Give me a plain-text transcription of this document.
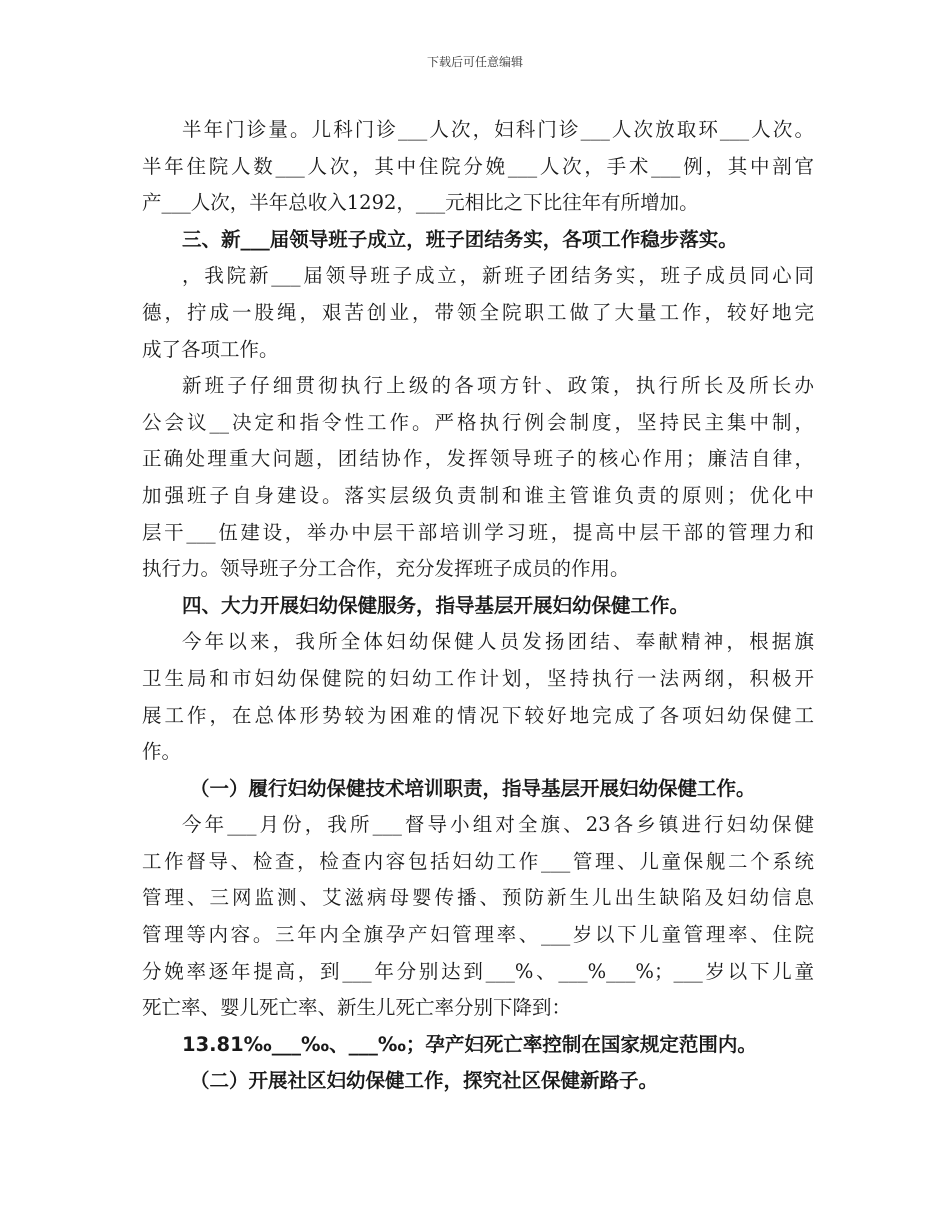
下载后可任意编辑
半年门诊量。儿科门诊___人次，妇科门诊___人次放取环___人次。
半年住院人数___人次，其中住院分娩___人次，手术___例，其中剖官
产___人次，半年总收入1292，___元相比之下比往年有所增加。
三、新___届领导班子成立，班子团结务实，各项工作稳步落实。
，我院新___届领导班子成立，新班子团结务实，班子成员同心同
德，拧成一股绳，艰苦创业，带领全院职工做了大量工作，较好地完
成了各项工作。
新班子仔细贯彻执行上级的各项方针、政策，执行所长及所长办
公会议__决定和指令性工作。严格执行例会制度，坚持民主集中制，
正确处理重大问题，团结协作，发挥领导班子的核心作用；廉洁自律，
加强班子自身建设。落实层级负责制和谁主管谁负责的原则；优化中
层干___伍建设，举办中层干部培训学习班，提高中层干部的管理力和
执行力。领导班子分工合作，充分发挥班子成员的作用。
四、大力开展妇幼保健服务，指导基层开展妇幼保健工作。
今年以来，我所全体妇幼保健人员发扬团结、奉献精神，根据旗
卫生局和市妇幼保健院的妇幼工作计划，坚持执行一法两纲，积极开
展工作，在总体形势较为困难的情况下较好地完成了各项妇幼保健工
作。
（一）履行妇幼保健技术培训职责，指导基层开展妇幼保健工作。
今年___月份，我所___督导小组对全旗、23各乡镇进行妇幼保健
工作督导、检查，检查内容包括妇幼工作___管理、儿童保舰二个系统
管理、三网监测、艾滋病母婴传播、预防新生儿出生缺陷及妇幼信息
管理等内容。三年内全旗孕产妇管理率、___岁以下儿童管理率、住院
分娩率逐年提高，到___年分别达到___%、___%___%；___岁以下儿童
死亡率、婴儿死亡率、新生儿死亡率分别下降到：
13.81‰___‰、___‰；孕产妇死亡率控制在国家规定范围内。
（二）开展社区妇幼保健工作，探究社区保健新路子。
